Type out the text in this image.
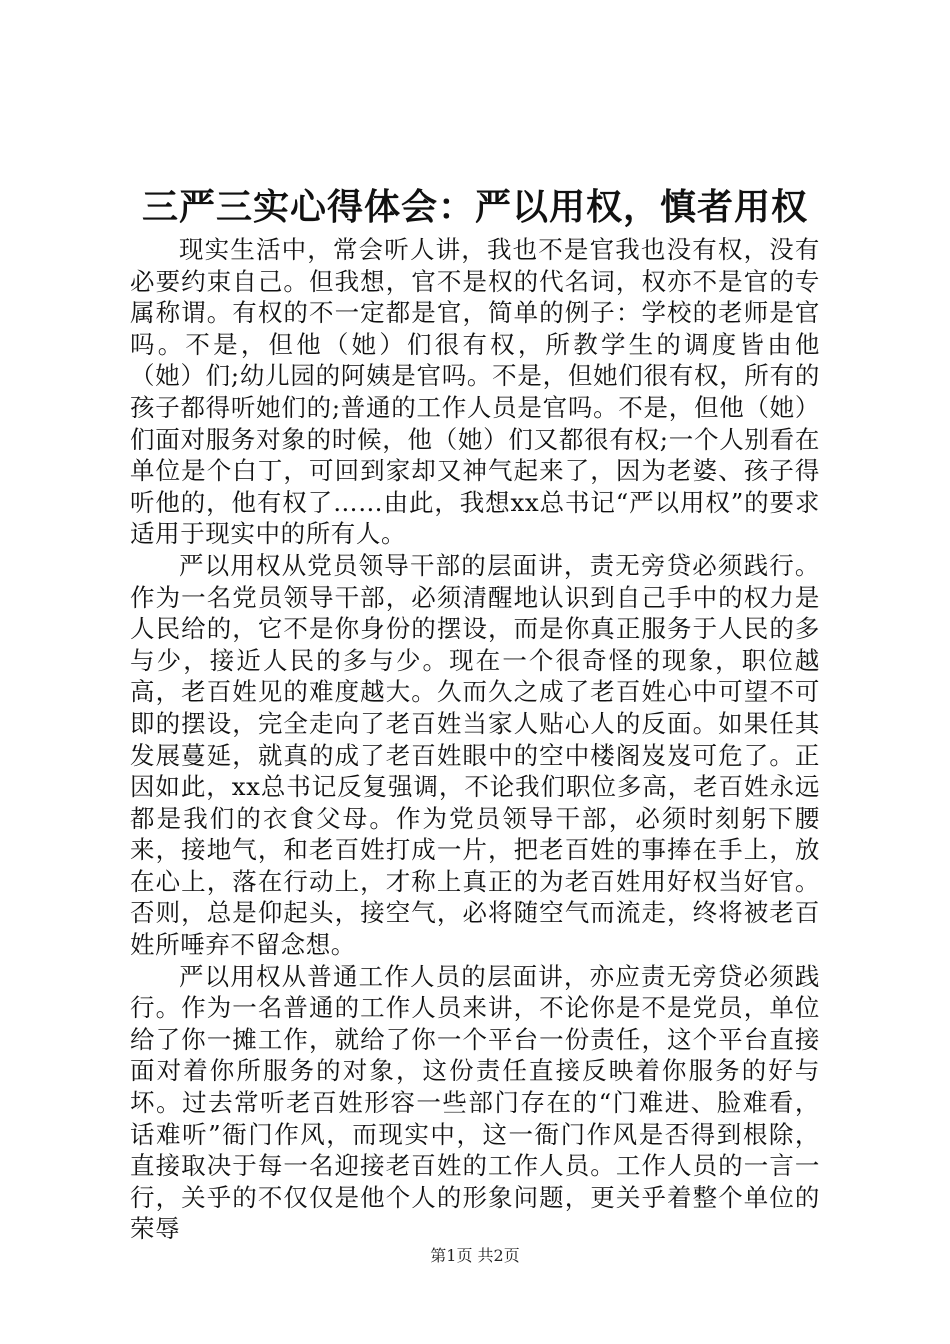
三严三实心得体会：严以用权，慎者用权

现实生活中，常会听人讲，我也不是官我也没有权，没有必要约束自己。但我想，官不是权的代名词，权亦不是官的专属称谓。有权的不一定都是官，简单的例子：学校的老师是官吗。不是，但他（她）们很有权，所教学生的调度皆由他（她）们;幼儿园的阿姨是官吗。不是，但她们很有权，所有的孩子都得听她们的;普通的工作人员是官吗。不是，但他（她）们面对服务对象的时候，他（她）们又都很有权;一个人别看在单位是个白丁，可回到家却又神气起来了，因为老婆、孩子得听他的，他有权了……由此，我想xx总书记“严以用权”的要求适用于现实中的所有人。

严以用权从党员领导干部的层面讲，责无旁贷必须践行。作为一名党员领导干部，必须清醒地认识到自己手中的权力是人民给的，它不是你身份的摆设，而是你真正服务于人民的多与少，接近人民的多与少。现在一个很奇怪的现象，职位越高，老百姓见的难度越大。久而久之成了老百姓心中可望不可即的摆设，完全走向了老百姓当家人贴心人的反面。如果任其发展蔓延，就真的成了老百姓眼中的空中楼阁岌岌可危了。正因如此，xx总书记反复强调，不论我们职位多高，老百姓永远都是我们的衣食父母。作为党员领导干部，必须时刻躬下腰来，接地气，和老百姓打成一片，把老百姓的事捧在手上，放在心上，落在行动上，才称上真正的为老百姓用好权当好官。否则，总是仰起头，接空气，必将随空气而流走，终将被老百姓所唾弃不留念想。

严以用权从普通工作人员的层面讲，亦应责无旁贷必须践行。作为一名普通的工作人员来讲，不论你是不是党员，单位给了你一摊工作，就给了你一个平台一份责任，这个平台直接面对着你所服务的对象，这份责任直接反映着你服务的好与坏。过去常听老百姓形容一些部门存在的“门难进、脸难看，话难听”衙门作风，而现实中，这一衙门作风是否得到根除，直接取决于每一名迎接老百姓的工作人员。工作人员的一言一行，关乎的不仅仅是他个人的形象问题，更关乎着整个单位的荣辱

第1页 共2页
